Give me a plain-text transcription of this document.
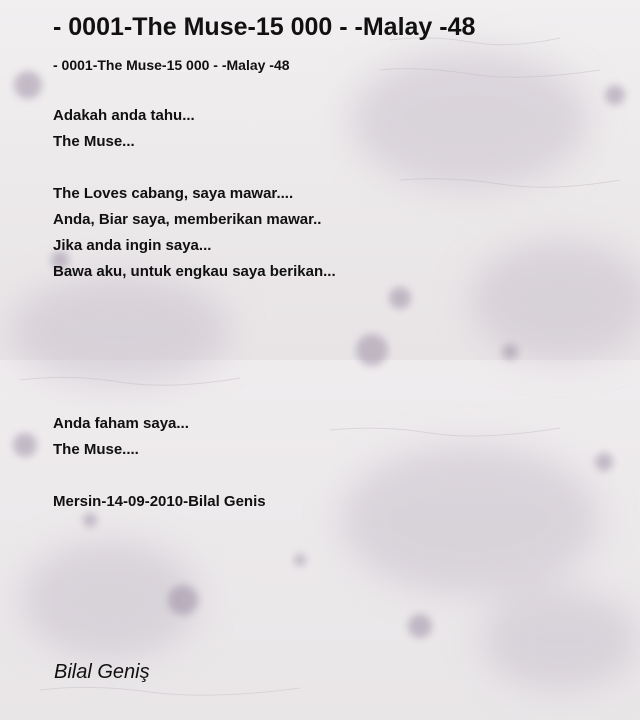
- 0001-The Muse-15 000 - -Malay -48
- 0001-The Muse-15 000 - -Malay -48
Adakah anda tahu...
The Muse...
The Loves cabang, saya mawar....
Anda, Biar saya, memberikan mawar..
Jika anda ingin saya...
Bawa aku, untuk engkau saya berikan...
Anda faham saya...
The Muse....
Mersin-14-09-2010-Bilal Genis

Bilal Geniş
